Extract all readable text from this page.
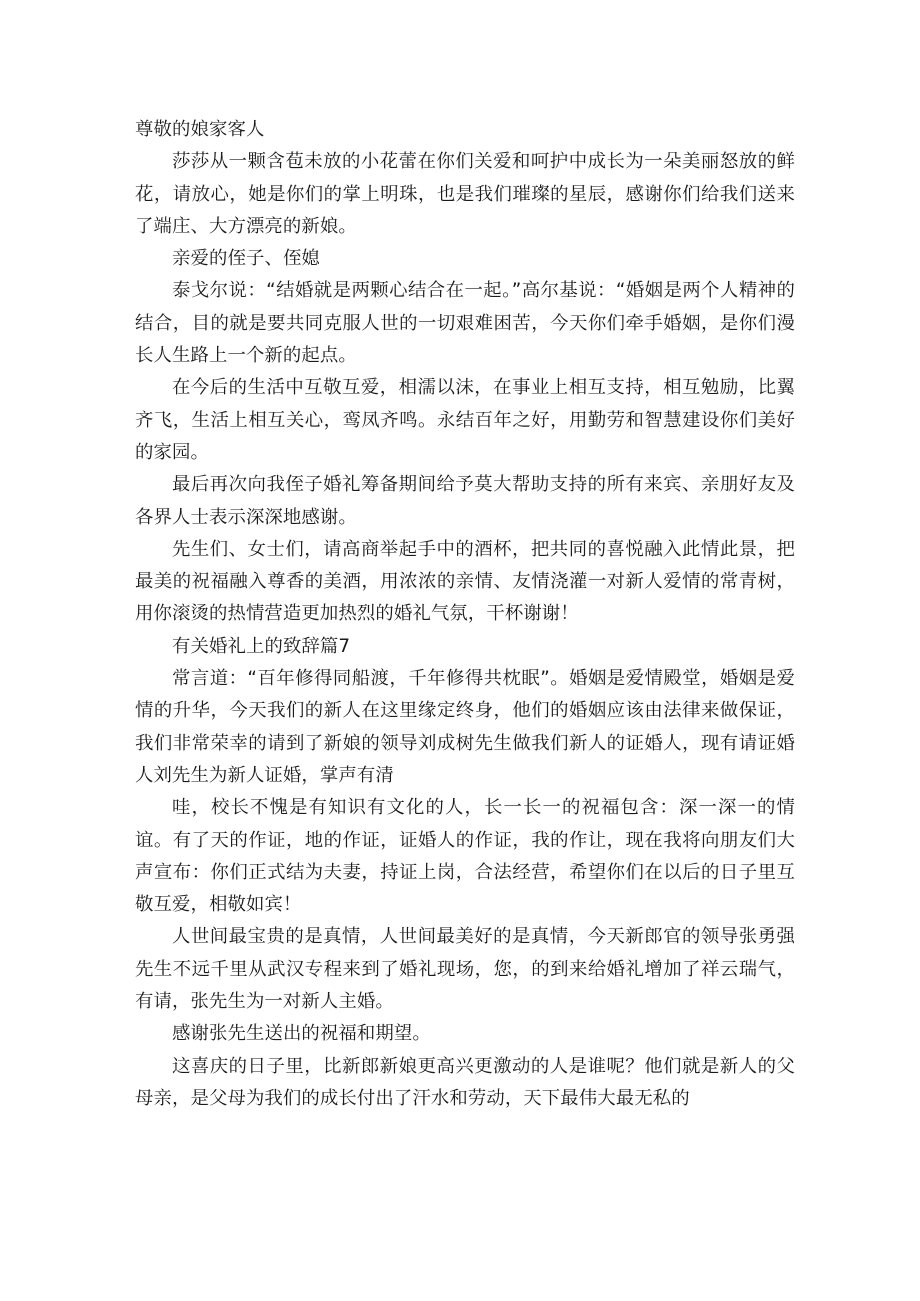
尊敬的娘家客人

莎莎从一颗含苞未放的小花蕾在你们关爱和呵护中成长为一朵美丽怒放的鲜花，请放心，她是你们的掌上明珠，也是我们璀璨的星辰，感谢你们给我们送来了端庄、大方漂亮的新娘。

亲爱的侄子、侄媳

泰戈尔说：“结婚就是两颗心结合在一起。”高尔基说：“婚姻是两个人精神的结合，目的就是要共同克服人世的一切艰难困苦，今天你们牵手婚姻，是你们漫长人生路上一个新的起点。

在今后的生活中互敬互爱，相濡以沫，在事业上相互支持，相互勉励，比翼齐飞，生活上相互关心，鸾凤齐鸣。永结百年之好，用勤劳和智慧建设你们美好的家园。

最后再次向我侄子婚礼筹备期间给予莫大帮助支持的所有来宾、亲朋好友及各界人士表示深深地感谢。

先生们、女士们，请高商举起手中的酒杯，把共同的喜悦融入此情此景，把最美的祝福融入尊香的美酒，用浓浓的亲情、友情浇灌一对新人爱情的常青树，用你滚烫的热情营造更加热烈的婚礼气氛，干杯谢谢！

有关婚礼上的致辞篇7

常言道：“百年修得同船渡，千年修得共枕眠”。婚姻是爱情殿堂，婚姻是爱情的升华，今天我们的新人在这里缘定终身，他们的婚姻应该由法律来做保证，我们非常荣幸的请到了新娘的领导刘成树先生做我们新人的证婚人，现有请证婚人刘先生为新人证婚，掌声有清

哇，校长不愧是有知识有文化的人，长一长一的祝福包含：深一深一的情谊。有了天的作证，地的作证，证婚人的作证，我的作让，现在我将向朋友们大声宣布：你们正式结为夫妻，持证上岗，合法经营，希望你们在以后的日子里互敬互爱，相敬如宾！

人世间最宝贵的是真情，人世间最美好的是真情，今天新郎官的领导张勇强先生不远千里从武汉专程来到了婚礼现场，您，的到来给婚礼增加了祥云瑞气，有请，张先生为一对新人主婚。

感谢张先生送出的祝福和期望。

这喜庆的日子里，比新郎新娘更高兴更激动的人是谁呢？他们就是新人的父母亲，是父母为我们的成长付出了汗水和劳动，天下最伟大最无私的
